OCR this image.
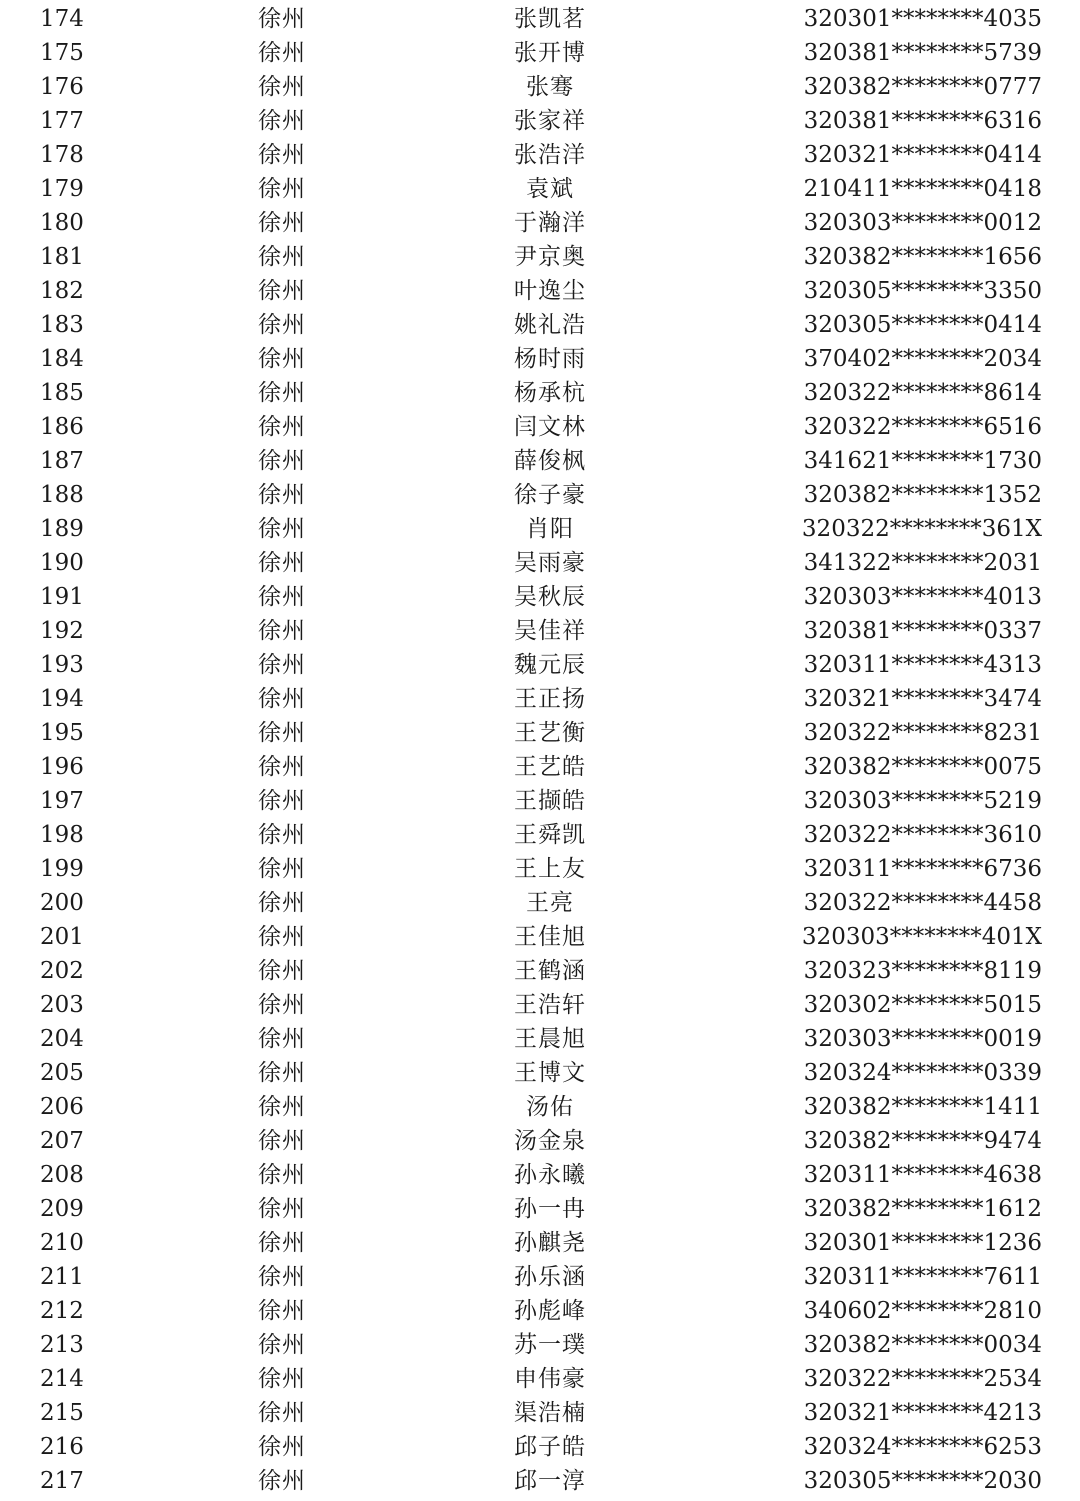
174	徐州	张凯茗	320301********4035
175	徐州	张开博	320381********5739
176	徐州	张骞	320382********0777
177	徐州	张家祥	320381********6316
178	徐州	张浩洋	320321********0414
179	徐州	袁斌	210411********0418
180	徐州	于瀚洋	320303********0012
181	徐州	尹京奥	320382********1656
182	徐州	叶逸尘	320305********3350
183	徐州	姚礼浩	320305********0414
184	徐州	杨时雨	370402********2034
185	徐州	杨承杭	320322********8614
186	徐州	闫文林	320322********6516
187	徐州	薛俊枫	341621********1730
188	徐州	徐子豪	320382********1352
189	徐州	肖阳	320322********361X
190	徐州	吴雨豪	341322********2031
191	徐州	吴秋辰	320303********4013
192	徐州	吴佳祥	320381********0337
193	徐州	魏元辰	320311********4313
194	徐州	王正扬	320321********3474
195	徐州	王艺衡	320322********8231
196	徐州	王艺皓	320382********0075
197	徐州	王撷皓	320303********5219
198	徐州	王舜凯	320322********3610
199	徐州	王上友	320311********6736
200	徐州	王亮	320322********4458
201	徐州	王佳旭	320303********401X
202	徐州	王鹤涵	320323********8119
203	徐州	王浩轩	320302********5015
204	徐州	王晨旭	320303********0019
205	徐州	王博文	320324********0339
206	徐州	汤佑	320382********1411
207	徐州	汤金泉	320382********9474
208	徐州	孙永曦	320311********4638
209	徐州	孙一冉	320382********1612
210	徐州	孙麒尧	320301********1236
211	徐州	孙乐涵	320311********7611
212	徐州	孙彪峰	340602********2810
213	徐州	苏一璞	320382********0034
214	徐州	申伟豪	320322********2534
215	徐州	渠浩楠	320321********4213
216	徐州	邱子皓	320324********6253
217	徐州	邱一淳	320305********2030
